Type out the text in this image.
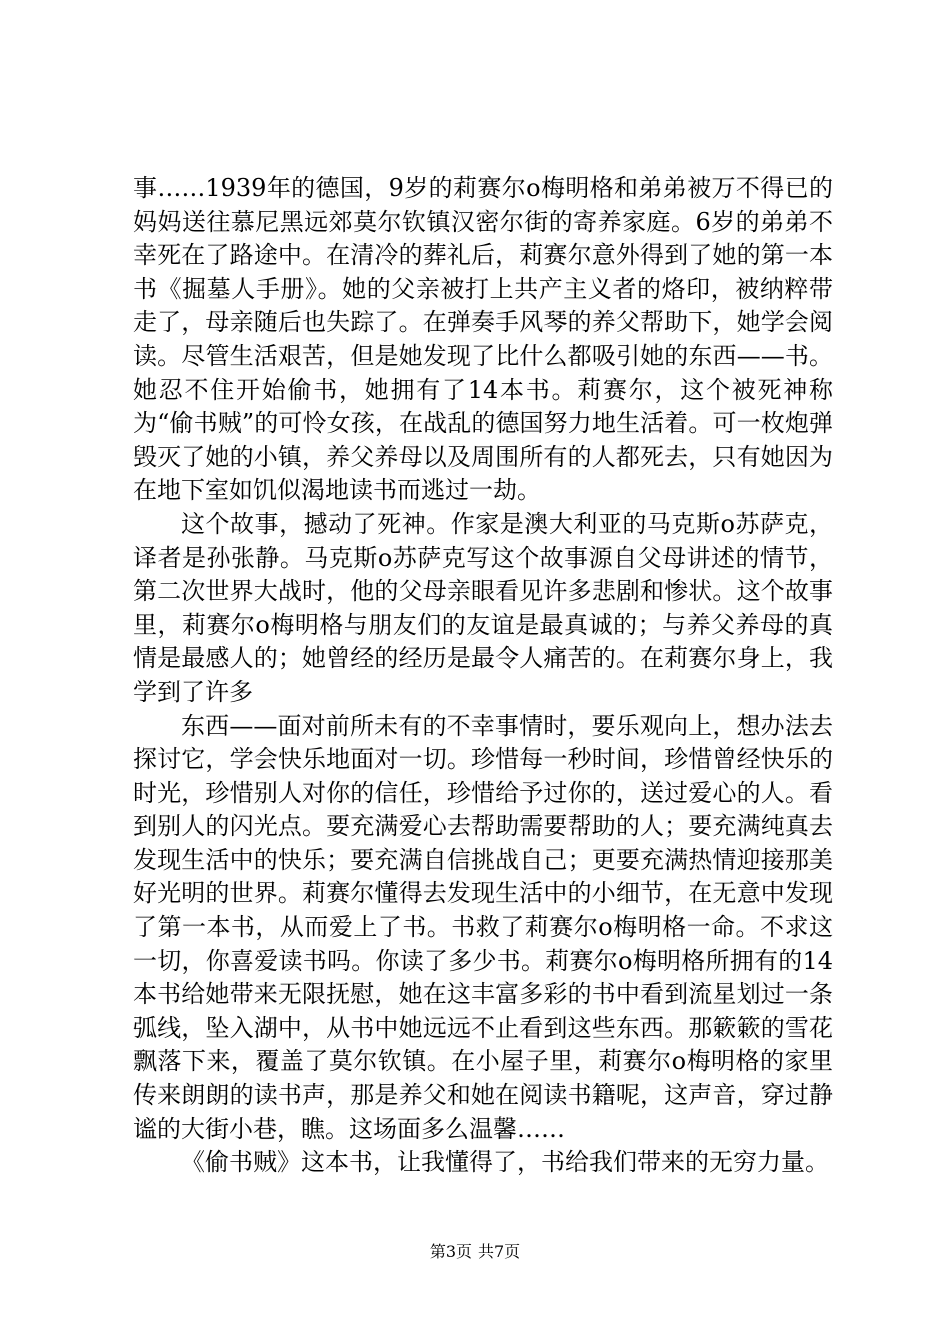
事……1939年的德国，9岁的莉赛尔o梅明格和弟弟被万不得已的妈妈送往慕尼黑远郊莫尔钦镇汉密尔街的寄养家庭。6岁的弟弟不幸死在了路途中。在清冷的葬礼后，莉赛尔意外得到了她的第一本书《掘墓人手册》。她的父亲被打上共产主义者的烙印，被纳粹带走了，母亲随后也失踪了。在弹奏手风琴的养父帮助下，她学会阅读。尽管生活艰苦，但是她发现了比什么都吸引她的东西——书。她忍不住开始偷书，她拥有了14本书。莉赛尔，这个被死神称为“偷书贼”的可怜女孩，在战乱的德国努力地生活着。可一枚炮弹毁灭了她的小镇，养父养母以及周围所有的人都死去，只有她因为在地下室如饥似渴地读书而逃过一劫。

这个故事，撼动了死神。作家是澳大利亚的马克斯o苏萨克，译者是孙张静。马克斯o苏萨克写这个故事源自父母讲述的情节，第二次世界大战时，他的父母亲眼看见许多悲剧和惨状。这个故事里，莉赛尔o梅明格与朋友们的友谊是最真诚的；与养父养母的真情是最感人的；她曾经的经历是最令人痛苦的。在莉赛尔身上，我学到了许多

东西——面对前所未有的不幸事情时，要乐观向上，想办法去探讨它，学会快乐地面对一切。珍惜每一秒时间，珍惜曾经快乐的时光，珍惜别人对你的信任，珍惜给予过你的，送过爱心的人。看到别人的闪光点。要充满爱心去帮助需要帮助的人；要充满纯真去发现生活中的快乐；要充满自信挑战自己；更要充满热情迎接那美好光明的世界。莉赛尔懂得去发现生活中的小细节，在无意中发现了第一本书，从而爱上了书。书救了莉赛尔o梅明格一命。不求这一切，你喜爱读书吗。你读了多少书。莉赛尔o梅明格所拥有的14本书给她带来无限抚慰，她在这丰富多彩的书中看到流星划过一条弧线，坠入湖中，从书中她远远不止看到这些东西。那簌簌的雪花飘落下来，覆盖了莫尔钦镇。在小屋子里，莉赛尔o梅明格的家里传来朗朗的读书声，那是养父和她在阅读书籍呢，这声音，穿过静谧的大街小巷，瞧。这场面多么温馨……

《偷书贼》这本书，让我懂得了，书给我们带来的无穷力量。

第3页 共7页
